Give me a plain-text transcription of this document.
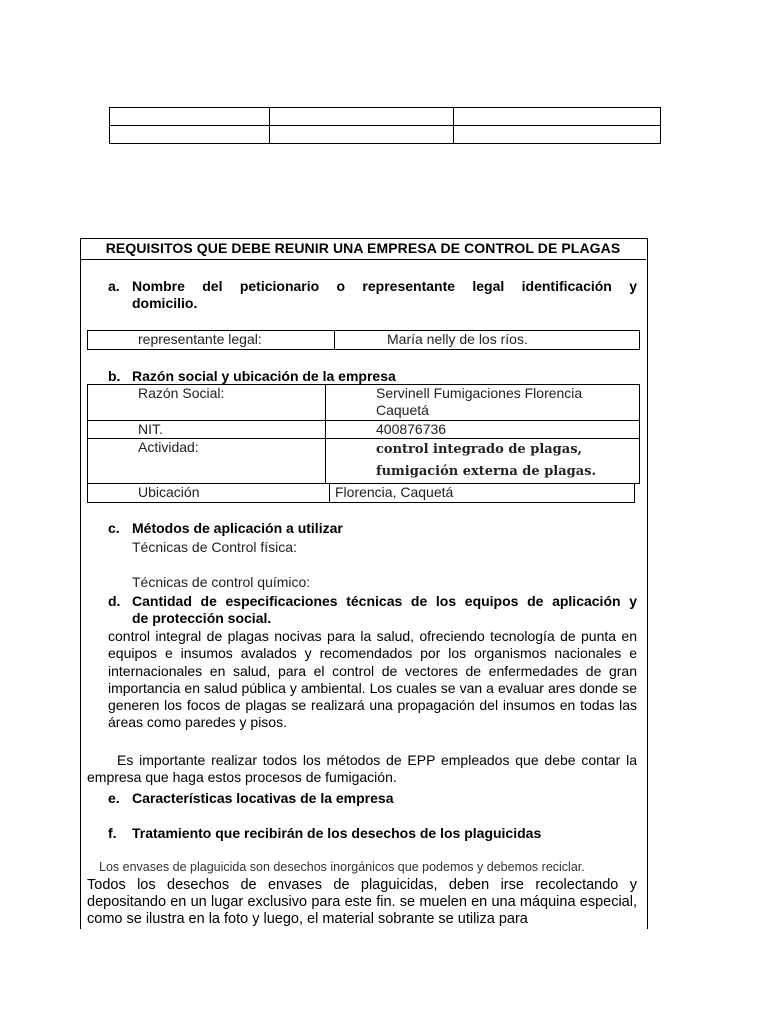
REQUISITOS QUE DEBE REUNIR UNA EMPRESA DE CONTROL DE PLAGAS
a. Nombre del peticionario o representante legal identificación y
domicilio.
representante legal:	María nelly de los ríos.
b. Razón social y ubicación de la empresa
Razón Social:	Servinell Fumigaciones Florencia
Caquetá

NIT.	400876736
Actividad:	control integrado de plagas,
fumigación externa de plagas.
Ubicación	Florencia, Caquetá
c. Métodos de aplicación a utilizar
Técnicas de Control física:
Técnicas de control químico:
d. Cantidad de especificaciones técnicas de los equipos de aplicación y
de protección social.
control integral de plagas nocivas para la salud, ofreciendo tecnología de punta en equipos e insumos avalados y recomendados por los organismos nacionales e internacionales en salud, para el control de vectores de enfermedades de gran importancia en salud pública y ambiental. Los cuales se van a evaluar ares donde se generen los focos de plagas se realizará una propagación del insumos en todas las áreas como paredes y pisos.
Es importante realizar todos los métodos de EPP empleados que debe contar la empresa que haga estos procesos de fumigación.
e. Características locativas de la empresa
f. Tratamiento que recibirán de los desechos de los plaguicidas
Los envases de plaguicida son desechos inorgánicos que podemos y debemos reciclar.
Todos los desechos de envases de plaguicidas, deben irse recolectando y depositando en un lugar exclusivo para este fin. se muelen en una máquina especial, como se ilustra en la foto y luego, el material sobrante se utiliza para
